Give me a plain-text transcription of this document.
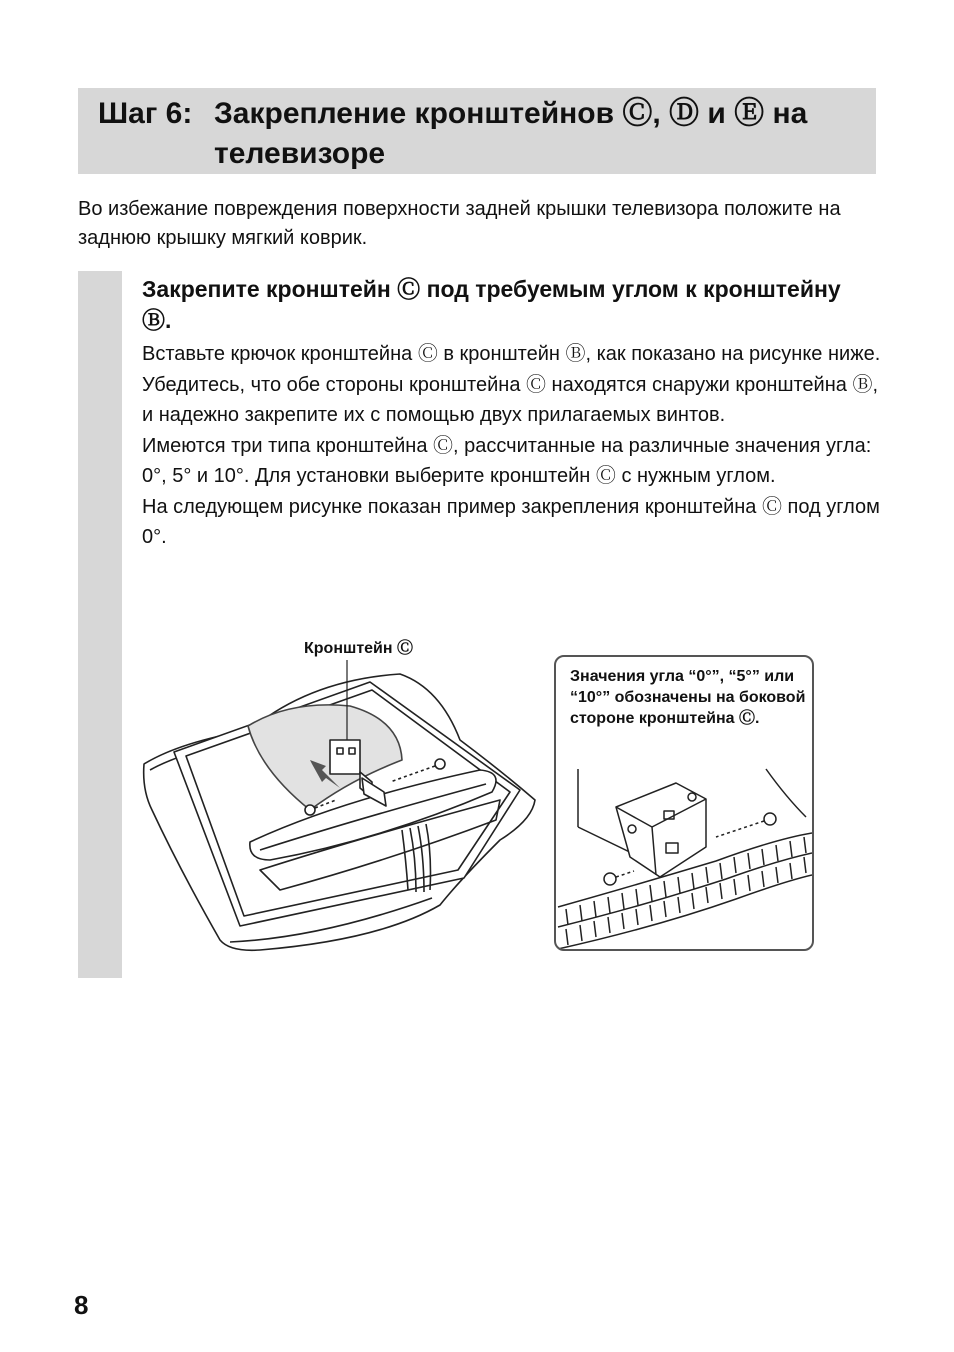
Шаг 6: Закрепление кронштейнов Ⓒ, Ⓓ и Ⓔ на телевизоре
Во избежание повреждения поверхности задней крышки телевизора положите на заднюю крышку мягкий коврик.
Закрепите кронштейн Ⓒ под требуемым углом к кронштейну Ⓑ.

Вставьте крючок кронштейна Ⓒ в кронштейн Ⓑ, как показано на рисунке ниже. Убедитесь, что обе стороны кронштейна Ⓒ находятся снаружи кронштейна Ⓑ, и надежно закрепите их с помощью двух прилагаемых винтов.

Имеются три типа кронштейна Ⓒ, рассчитанные на различные значения угла: 0°, 5° и 10°. Для установки выберите кронштейн Ⓒ с нужным углом.

На следующем рисунке показан пример закрепления кронштейна Ⓒ под углом 0°.

Кронштейн Ⓒ
Значения угла “0°”, “5°” или “10°” обозначены на боковой стороне кронштейна Ⓒ.
8
